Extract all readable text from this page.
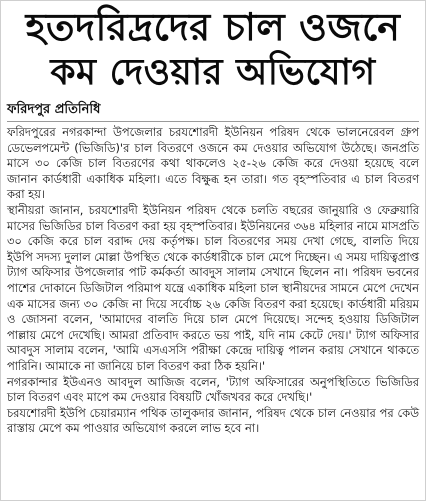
হতদরিদ্রদের চাল ওজনে
কম দেওয়ার অভিযোগ
ফরিদপুর প্রতিনিধি

ফরিদপুরের নগরকান্দা উপজেলার চরযশোরদী ইউনিয়ন পরিষদ থেকে ভালনেরেবল গ্রুপ ডেভেলপমেন্ট (ভিজিডি)'র চাল বিতরণে ওজনে কম দেওয়ার অভিযোগ উঠেছে। জনপ্রতি মাসে ৩০ কেজি চাল বিতরণের কথা থাকলেও ২৫-২৬ কেজি করে দেওয়া হয়েছে বলে জানান কার্ডধারী একাধিক মহিলা। এতে বিক্ষুব্ধ হন তারা। গত বৃহস্পতিবার এ চাল বিতরণ করা হয়।

স্থানীয়রা জানান, চরযশোরদী ইউনিয়ন পরিষদ থেকে চলতি বছরের জানুয়ারি ও ফেব্রুয়ারি মাসের ভিজিডির চাল বিতরণ করা হয় বৃহস্পতিবার। ইউনিয়নের ৩৬৪ মহিলার নামে মাসপ্রতি ৩০ কেজি করে চাল বরাদ্দ দেয় কর্তৃপক্ষ। চাল বিতরণের সময় দেখা গেছে, বালতি দিয়ে ইউপি সদস্য দুলাল মোল্লা উপস্থিত থেকে কার্ডধারীকে চাল মেপে দিচ্ছেন। এ সময় দায়িত্বপ্রাপ্ত ট্যাগ অফিসার উপজেলার পাট কর্মকর্তা আবদুস সালাম সেখানে ছিলেন না। পরিষদ ভবনের পাশের দোকানে ডিজিটাল পরিমাপ যন্ত্রে একাধিক মহিলা চাল স্থানীয়দের সামনে মেপে দেখেন এক মাসের জন্য ৩০ কেজি না দিয়ে সর্বোচ্চ ২৬ কেজি বিতরণ করা হয়েছে। কার্ডধারী মরিয়ম ও জোসনা বলেন, 'আমাদের বালতি দিয়ে চাল মেপে দিয়েছে। সন্দেহ হওয়ায় ডিজিটাল পাল্লায় মেপে দেখেছি। আমরা প্রতিবাদ করতে ভয় পাই, যদি নাম কেটে দেয়।' ট্যাগ অফিসার আবদুস সালাম বলেন, 'আমি এসএসসি পরীক্ষা কেন্দ্রে দায়িত্ব পালন করায় সেখানে থাকতে পারিনি। আমাকে না জানিয়ে চাল বিতরণ করা ঠিক হয়নি।'

নগরকান্দার ইউএনও আবদুল আজিজ বলেন, 'ট্যাগ অফিসারের অনুপস্থিতিতে ভিজিডির চাল বিতরণ এবং মাপে কম দেওয়ার বিষয়টি খোঁজখবর করে দেখছি।'

চরযশোরদী ইউপি চেয়ারম্যান পথিক তালুকদার জানান, পরিষদ থেকে চাল নেওয়ার পর কেউ রাস্তায় মেপে কম পাওয়ার অভিযোগ করলে লাভ হবে না।
